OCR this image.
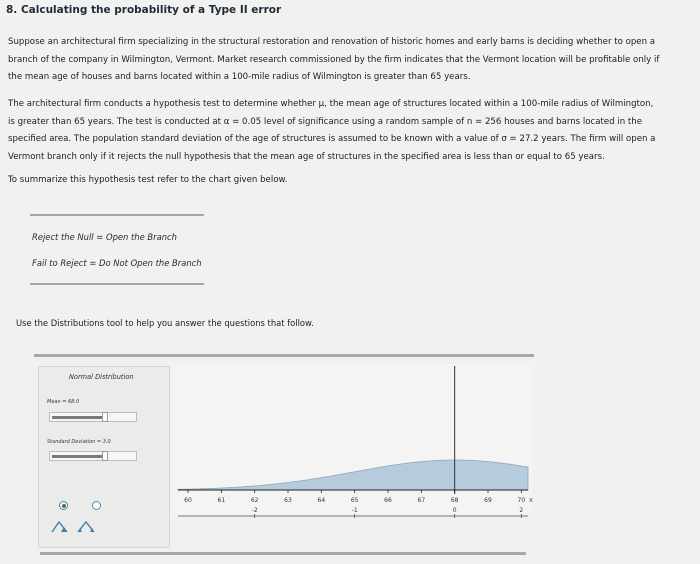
8. Calculating the probability of a Type II error
Suppose an architectural firm specializing in the structural restoration and renovation of historic homes and early barns is deciding whether to open a
branch of the company in Wilmington, Vermont. Market research commissioned by the firm indicates that the Vermont location will be profitable only if
the mean age of houses and barns located within a 100-mile radius of Wilmington is greater than 65 years.
The architectural firm conducts a hypothesis test to determine whether μ, the mean age of structures located within a 100-mile radius of Wilmington,
is greater than 65 years. The test is conducted at α = 0.05 level of significance using a random sample of n = 256 houses and barns located in the
specified area. The population standard deviation of the age of structures is assumed to be known with a value of σ = 27.2 years. The firm will open a
Vermont branch only if it rejects the null hypothesis that the mean age of structures in the specified area is less than or equal to 65 years.
To summarize this hypothesis test refer to the chart given below.
Reject the Null = Open the Branch
Fail to Reject = Do Not Open the Branch
Use the Distributions tool to help you answer the questions that follow.
Normal Distribution
Mean = 68.0
Standard Deviation = 3.0
60	61	62	63	64	65	66	67	68	69	70 X
-2	-1	0	2
